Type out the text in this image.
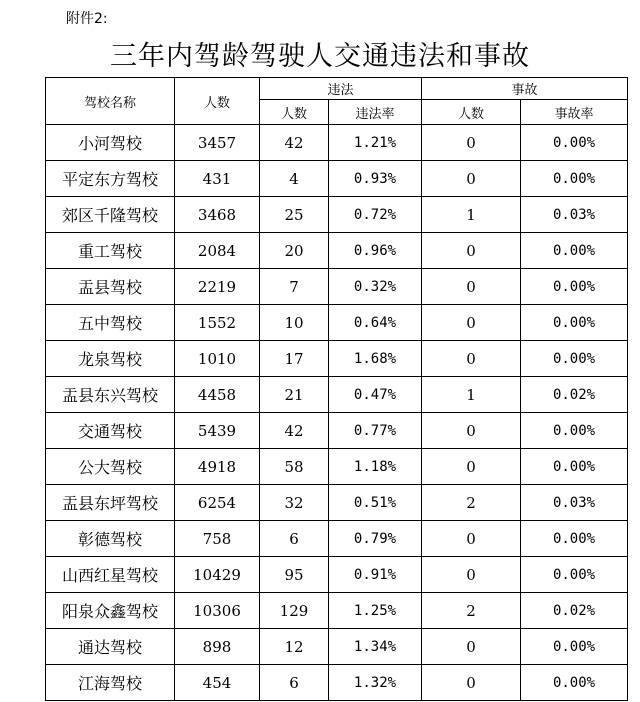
附件2:
三年内驾龄驾驶人交通违法和事故
驾校名称	人数	违法		事故	
		人数	违法率	人数	事故率
小河驾校	3457	42	1.21%	0	0.00%
平定东方驾校	431	4	0.93%	0	0.00%
郊区千隆驾校	3468	25	0.72%	1	0.03%
重工驾校	2084	20	0.96%	0	0.00%
盂县驾校	2219	7	0.32%	0	0.00%
五中驾校	1552	10	0.64%	0	0.00%
龙泉驾校	1010	17	1.68%	0	0.00%
盂县东兴驾校	4458	21	0.47%	1	0.02%
交通驾校	5439	42	0.77%	0	0.00%
公大驾校	4918	58	1.18%	0	0.00%
盂县东坪驾校	6254	32	0.51%	2	0.03%
彰德驾校	758	6	0.79%	0	0.00%
山西红星驾校	10429	95	0.91%	0	0.00%
阳泉众鑫驾校	10306	129	1.25%	2	0.02%
通达驾校	898	12	1.34%	0	0.00%
江海驾校	454	6	1.32%	0	0.00%
